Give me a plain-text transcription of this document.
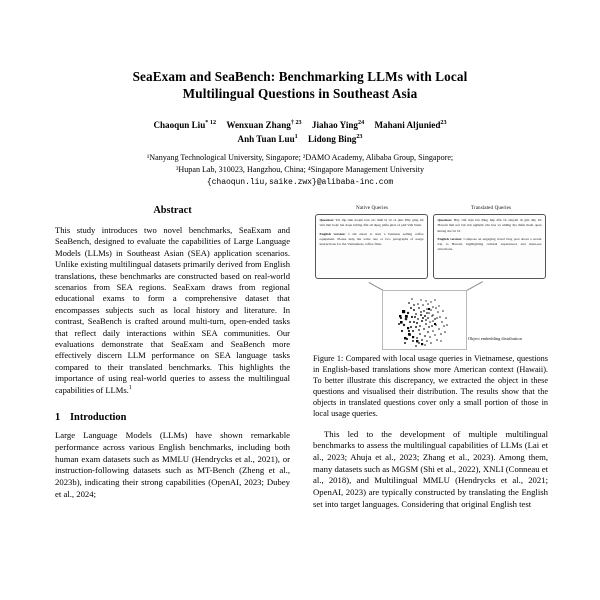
SeaExam and SeaBench: Benchmarking LLMs with Local
Multilingual Questions in Southeast Asia
Chaoqun Liu$^{* 12}$ Wenxuan Zhang$^{\dagger 23}$ Jiahao Ying$^{24}$ Mahani Aljunied$^{23}$
Anh Tuan Luu$^1$ Lidong Bing$^{23}$
¹Nanyang Technological University, Singapore; ²DAMO Academy, Alibaba Group, Singapore;
³Hupan Lab, 310023, Hangzhou, China; ⁴Singapore Management University
{chaoqun.liu,saike.zwx}@alibaba-inc.com
Abstract

This study introduces two novel benchmarks, SeaExam and SeaBench, designed to evaluate the capabilities of Large Language Models (LLMs) in Southeast Asian (SEA) application scenarios. Unlike existing multilingual datasets primarily derived from English translations, these benchmarks are constructed based on real-world scenarios from SEA regions. SeaExam draws from regional educational exams to form a comprehensive dataset that encompasses subjects such as local history and literature. In contrast, SeaBench is crafted around multi-turn, open-ended tasks that reflect daily interactions within SEA communities. Our evaluations demonstrate that SeaExam and SeaBench more effectively discern LLM performance on SEA language tasks compared to their translated benchmarks. This highlights the importance of using real-world queries to assess the multilingual capabilities of LLMs.$^1$

1 Introduction

Large Language Models (LLMs) have shown remarkable performance across various English benchmarks, including both human exam datasets such as MMLU (Hendrycks et al., 2021), or instruction-following datasets such as MT-Bench (Zheng et al., 2023b), indicating their strong capabilities (OpenAI, 2023; Dubey et al., 2024;

Native Queries	Translated Queries

Question: Tôi sắp tính doanh bán các thiết bị về cà phê. Hãy giúp tôi viết một hoặc hai đoạn hướng dẫn sử dụng phễu phói cà phê Việt Nam.

English version: I am about to start a business selling coffee equipment. Please help me write one or two paragraphs of usage instructions for the Vietnamese coffee filter.

Question: Hãy viết một bài đăng hấp dẫn về chuyến đi gần đây tới Hawaii làm nổi bật trải nghiệm văn hóa và những địa điểm tham quan không thể bỏ lỡ.

English version: Compose an engaging travel blog post about a recent trip to Hawaii, highlighting cultural experiences and must-see attractions.

Object embedding distribution

Figure 1: Compared with local usage queries in Vietnamese, questions in English-based translations show more American context (Hawaii). To better illustrate this discrepancy, we extracted the object in these questions and visualised their distribution. The results show that the objects in translated questions cover only a small portion of those in local usage queries.

This led to the development of multiple multilingual benchmarks to assess the multilingual capabilities of LLMs (Lai et al., 2023; Ahuja et al., 2023; Zhang et al., 2023). Among them, many datasets such as MGSM (Shi et al., 2022), XNLI (Conneau et al., 2018), and Multilingual MMLU (Hendrycks et al., 2021; OpenAI, 2023) are typically constructed by translating the English set into target languages. Considering that original English test
